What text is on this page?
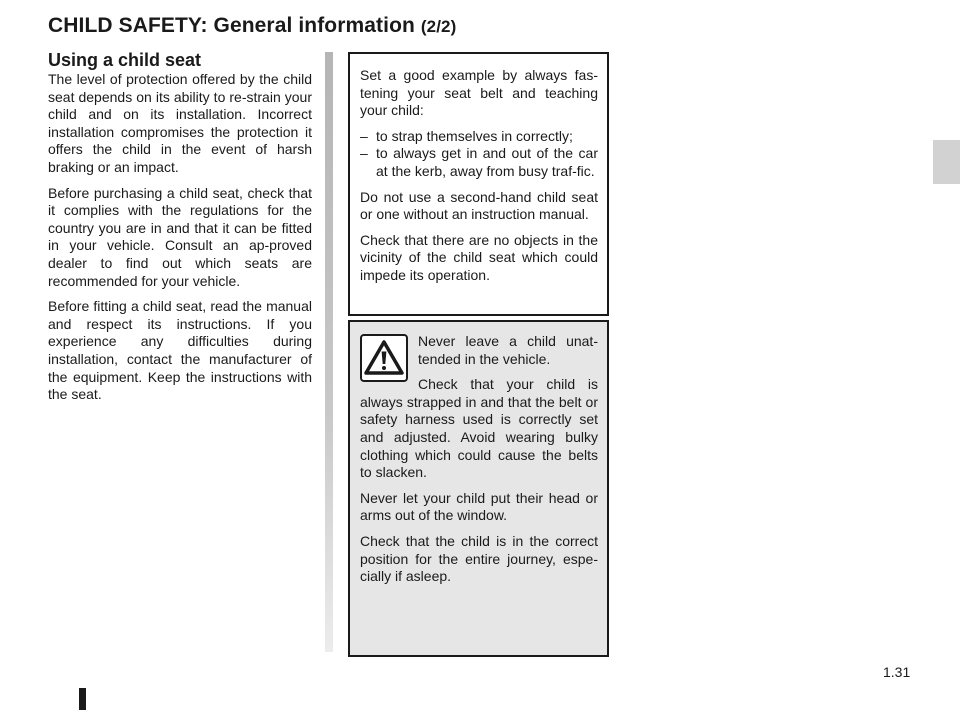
CHILD SAFETY: General information (2/2)
Using a child seat

The level of protection offered by the child seat depends on its ability to re-strain your child and on its installation. Incorrect installation compromises the protection it offers the child in the event of harsh braking or an impact.

Before purchasing a child seat, check that it complies with the regulations for the country you are in and that it can be fitted in your vehicle. Consult an ap-proved dealer to find out which seats are recommended for your vehicle.

Before fitting a child seat, read the manual and respect its instructions. If you experience any difficulties during installation, contact the manufacturer of the equipment. Keep the instructions with the seat.

Set a good example by always fas-tening your seat belt and teaching your child:

– to strap themselves in correctly;
– to always get in and out of the car at the kerb, away from busy traf-fic.

Do not use a second-hand child seat or one without an instruction manual.

Check that there are no objects in the vicinity of the child seat which could impede its operation.

Never leave a child unat-tended in the vehicle.

Check that your child is always strapped in and that the belt or safety harness used is correctly set and adjusted. Avoid wearing bulky clothing which could cause the belts to slacken.

Never let your child put their head or arms out of the window.

Check that the child is in the correct position for the entire journey, espe-cially if asleep.

1.31
